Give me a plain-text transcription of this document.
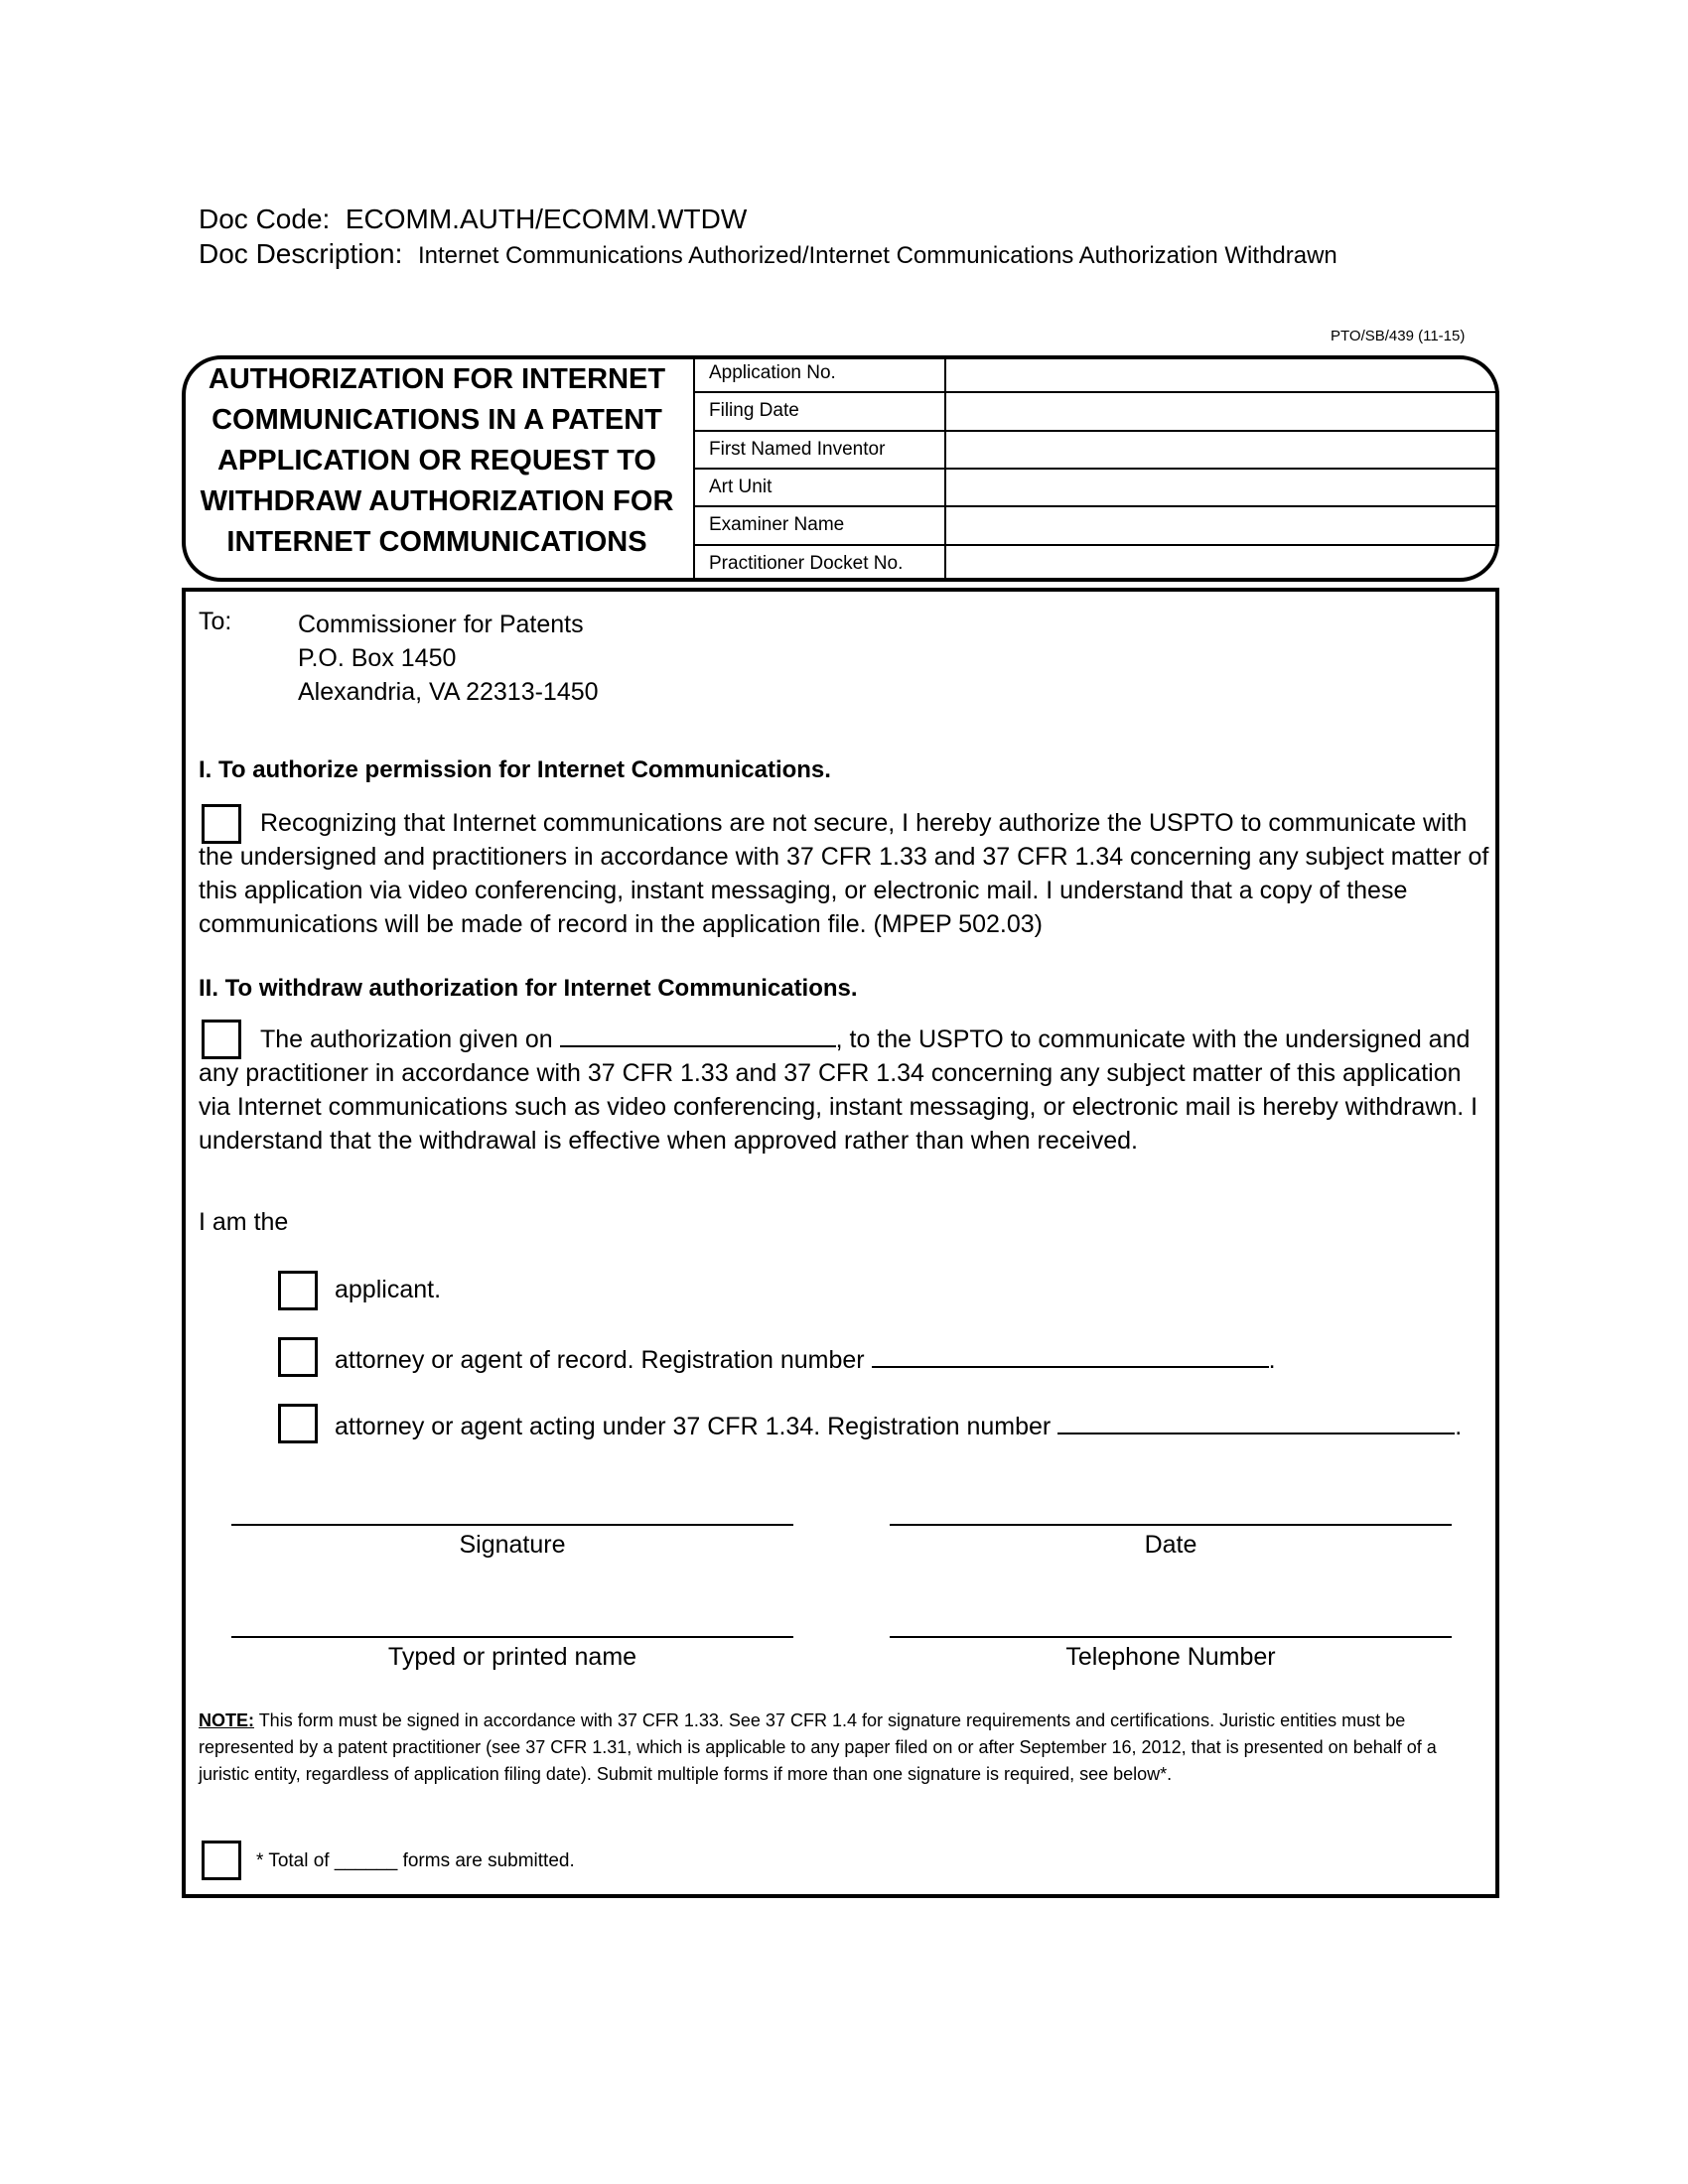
Doc Code: ECOMM.AUTH/ECOMM.WTDW
Doc Description: Internet Communications Authorized/Internet Communications Authorization Withdrawn
PTO/SB/439 (11-15)
AUTHORIZATION FOR INTERNET
COMMUNICATIONS IN A PATENT
APPLICATION OR REQUEST TO
WITHDRAW AUTHORIZATION FOR
INTERNET COMMUNICATIONS
Application No.	
Filing Date	
First Named Inventor	
Art Unit	
Examiner Name	
Practitioner Docket No.	
To:	Commissioner for Patents
P.O. Box 1450
Alexandria, VA 22313-1450
I. To authorize permission for Internet Communications.
Recognizing that Internet communications are not secure, I hereby authorize the USPTO to communicate with the undersigned and practitioners in accordance with 37 CFR 1.33 and 37 CFR 1.34 concerning any subject matter of this application via video conferencing, instant messaging, or electronic mail. I understand that a copy of these communications will be made of record in the application file. (MPEP 502.03)
II. To withdraw authorization for Internet Communications.
The authorization given on	, to the USPTO to communicate with the undersigned and any practitioner in accordance with 37 CFR 1.33 and 37 CFR 1.34 concerning any subject matter of this application via Internet communications such as video conferencing, instant messaging, or electronic mail is hereby withdrawn. I understand that the withdrawal is effective when approved rather than when received.
I am the
applicant.
attorney or agent of record. Registration number	.
attorney or agent acting under 37 CFR 1.34. Registration number	.
Signature	Date
Typed or printed name	Telephone Number
NOTE: This form must be signed in accordance with 37 CFR 1.33. See 37 CFR 1.4 for signature requirements and certifications. Juristic entities must be represented by a patent practitioner (see 37 CFR 1.31, which is applicable to any paper filed on or after September 16, 2012, that is presented on behalf of a juristic entity, regardless of application filing date). Submit multiple forms if more than one signature is required, see below*.
* Total of ______ forms are submitted.
